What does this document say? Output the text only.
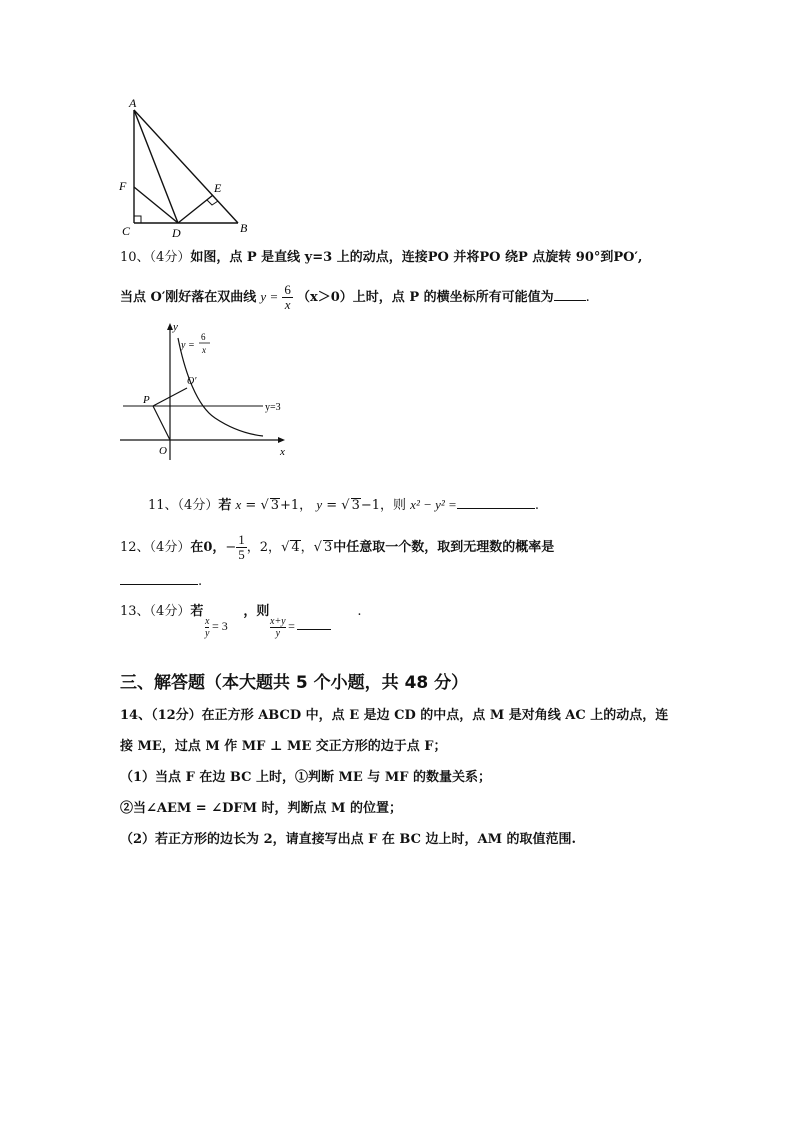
A
F
C	D
E
B
10、（4分）如图，点 P 是直线 y=3 上的动点，连接PO 并将PO 绕P 点旋转 90°到PO′,
当点 O′刚好落在双曲线 $y = \frac{6}{x} (x>0)$上时，点 P 的横坐标所有可能值为 .
y
x
O
P
O′
y =
6
x
y=3
11、（4分）若 x = √ 3+1， y = √ 3−1，则 x² − y² =	.
12、（4分）在0，− $\frac{1}{5}$ ，2，√ 4，√ 3中任意取一个数，取到无理数的概率是
.
13、（4分）若	，则	.
$\frac{x}{y} = 3$	$\frac{x+y}{y}$ =
三、解答题（本大题共 5 个小题，共 48 分）
14、（12分）在正方形 ABCD 中，点 E 是边 CD 的中点，点 M 是对角线 AC 上的动点，连
接 ME，过点 M 作 MF ⊥ ME 交正方形的边于点 F；
（1）当点 F 在边 BC 上时，①判断 ME 与 MF 的数量关系；
②当∠AEM = ∠DFM 时，判断点 M 的位置；
（2）若正方形的边长为 2，请直接写出点 F 在 BC 边上时，AM 的取值范围.
